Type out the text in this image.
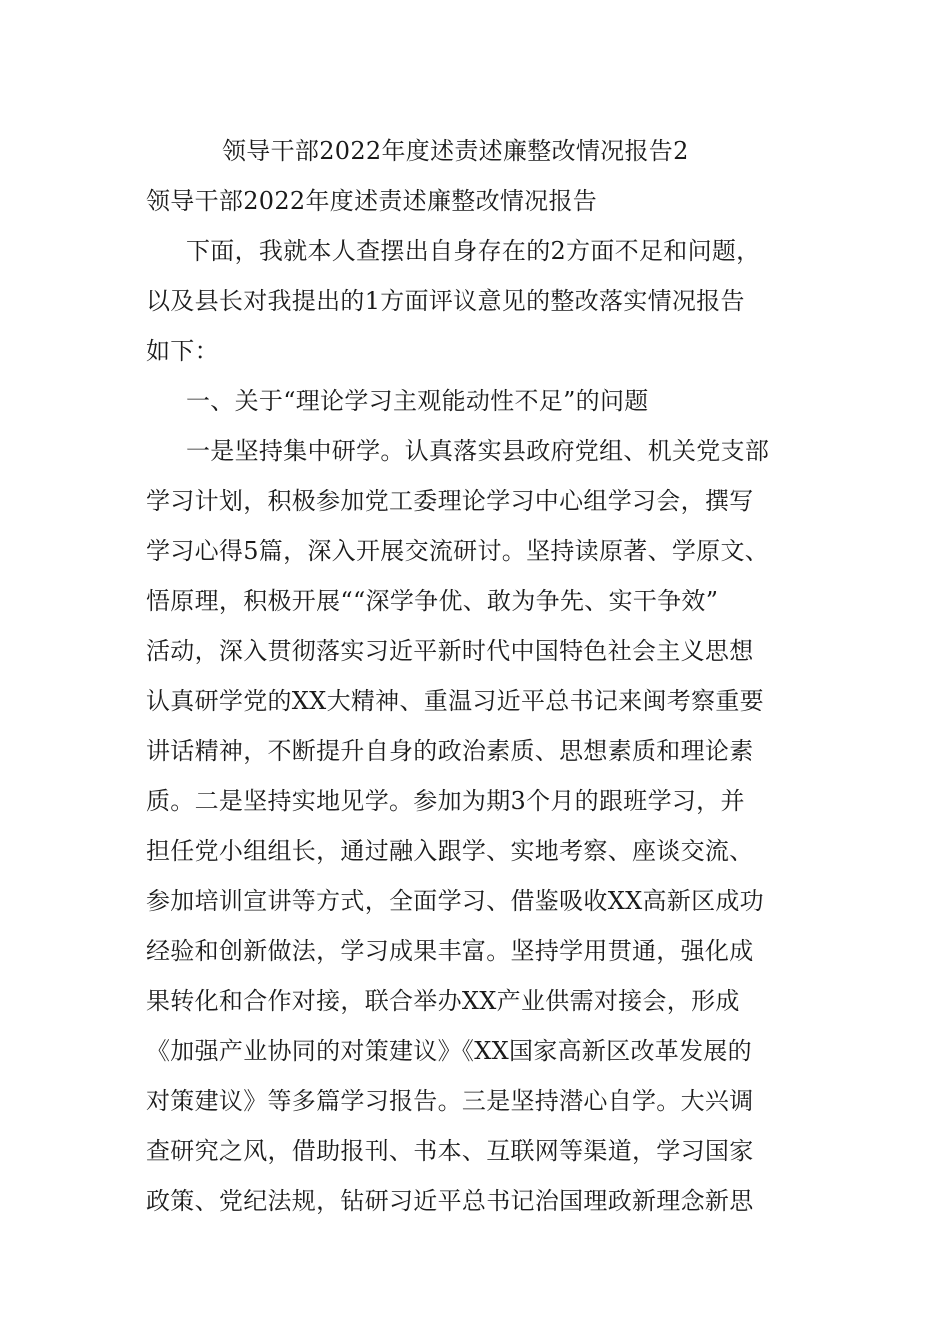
领导干部2022年度述责述廉整改情况报告2

领导干部2022年度述责述廉整改情况报告

下面，我就本人查摆出自身存在的2方面不足和问题，

以及县长对我提出的1方面评议意见的整改落实情况报告

如下：

一、关于“理论学习主观能动性不足”的问题

一是坚持集中研学。认真落实县政府党组、机关党支部

学习计划，积极参加党工委理论学习中心组学习会，撰写

学习心得5篇，深入开展交流研讨。坚持读原著、学原文、

悟原理，积极开展““深学争优、敢为争先、实干争效”

活动，深入贯彻落实习近平新时代中国特色社会主义思想

认真研学党的XX大精神、重温习近平总书记来闽考察重要

讲话精神，不断提升自身的政治素质、思想素质和理论素

质。二是坚持实地见学。参加为期3个月的跟班学习，并

担任党小组组长，通过融入跟学、实地考察、座谈交流、

参加培训宣讲等方式，全面学习、借鉴吸收XX高新区成功

经验和创新做法，学习成果丰富。坚持学用贯通，强化成

果转化和合作对接，联合举办XX产业供需对接会，形成

《加强产业协同的对策建议》《XX国家高新区改革发展的

对策建议》等多篇学习报告。三是坚持潜心自学。大兴调

查研究之风，借助报刊、书本、互联网等渠道，学习国家

政策、党纪法规，钻研习近平总书记治国理政新理念新思
